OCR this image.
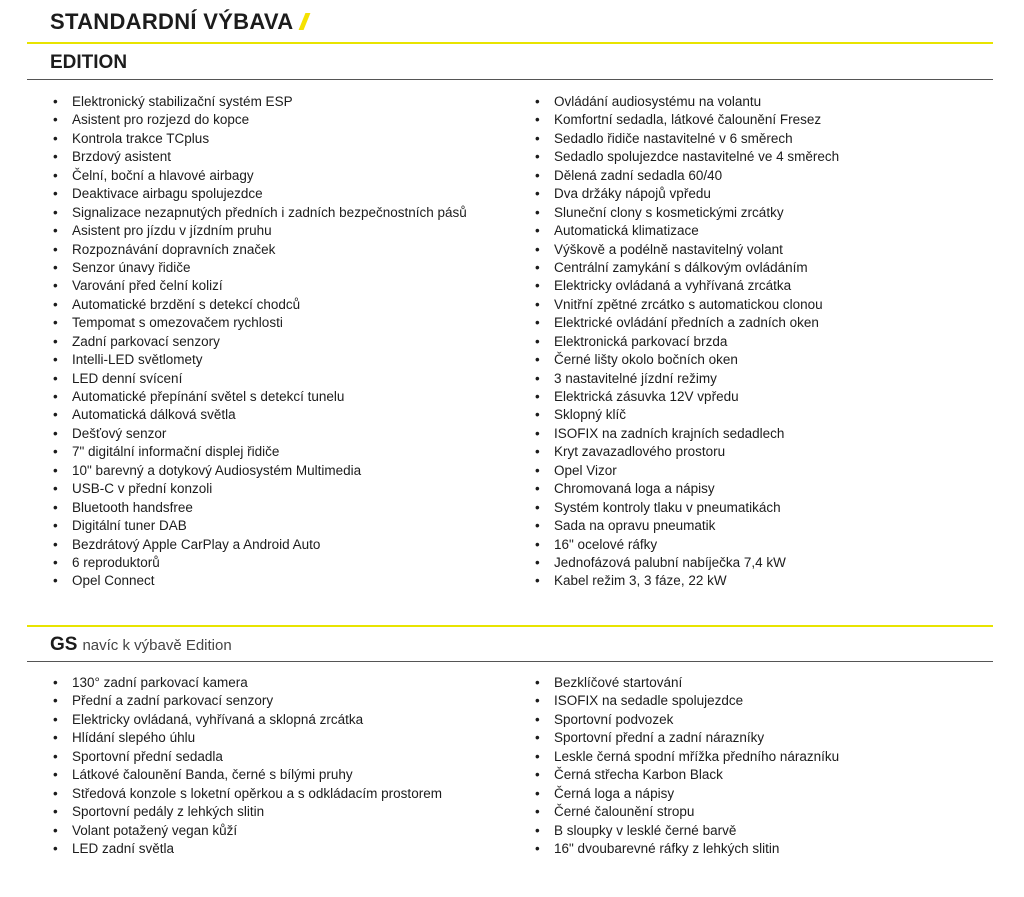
STANDARDNÍ VÝBAVA
EDITION
• Elektronický stabilizační systém ESP
• Asistent pro rozjezd do kopce
• Kontrola trakce TCplus
• Brzdový asistent
• Čelní, boční a hlavové airbagy
• Deaktivace airbagu spolujezdce
• Signalizace nezapnutých předních i zadních bezpečnostních pásů
• Asistent pro jízdu v jízdním pruhu
• Rozpoznávání dopravních značek
• Senzor únavy řidiče
• Varování před čelní kolizí
• Automatické brzdění s detekcí chodců
• Tempomat s omezovačem rychlosti
• Zadní parkovací senzory
• Intelli-LED světlomety
• LED denní svícení
• Automatické přepínání světel s detekcí tunelu
• Automatická dálková světla
• Dešťový senzor
• 7" digitální informační displej řidiče
• 10" barevný a dotykový Audiosystém Multimedia
• USB-C v přední konzoli
• Bluetooth handsfree
• Digitální tuner DAB
• Bezdrátový Apple CarPlay a Android Auto
• 6 reproduktorů
• Opel Connect
• Ovládání audiosystému na volantu
• Komfortní sedadla, látkové čalounění Fresez
• Sedadlo řidiče nastavitelné v 6 směrech
• Sedadlo spolujezdce nastavitelné ve 4 směrech
• Dělená zadní sedadla 60/40
• Dva držáky nápojů vpředu
• Sluneční clony s kosmetickými zrcátky
• Automatická klimatizace
• Výškově a podélně nastavitelný volant
• Centrální zamykání s dálkovým ovládáním
• Elektricky ovládaná a vyhřívaná zrcátka
• Vnitřní zpětné zrcátko s automatickou clonou
• Elektrické ovládání předních a zadních oken
• Elektronická parkovací brzda
• Černé lišty okolo bočních oken
• 3 nastavitelné jízdní režimy
• Elektrická zásuvka 12V vpředu
• Sklopný klíč
• ISOFIX na zadních krajních sedadlech
• Kryt zavazadlového prostoru
• Opel Vizor
• Chromovaná loga a nápisy
• Systém kontroly tlaku v pneumatikách
• Sada na opravu pneumatik
• 16" ocelové ráfky
• Jednofázová palubní nabíječka 7,4 kW
• Kabel režim 3, 3 fáze, 22 kW
GS navíc k výbavě Edition
• 130° zadní parkovací kamera
• Přední a zadní parkovací senzory
• Elektricky ovládaná, vyhřívaná a sklopná zrcátka
• Hlídání slepého úhlu
• Sportovní přední sedadla
• Látkové čalounění Banda, černé s bílými pruhy
• Středová konzole s loketní opěrkou a s odkládacím prostorem
• Sportovní pedály z lehkých slitin
• Volant potažený vegan kůží
• LED zadní světla
• Bezklíčové startování
• ISOFIX na sedadle spolujezdce
• Sportovní podvozek
• Sportovní přední a zadní nárazníky
• Leskle černá spodní mřížka předního nárazníku
• Černá střecha Karbon Black
• Černá loga a nápisy
• Černé čalounění stropu
• B sloupky v lesklé černé barvě
• 16" dvoubarevné ráfky z lehkých slitin
